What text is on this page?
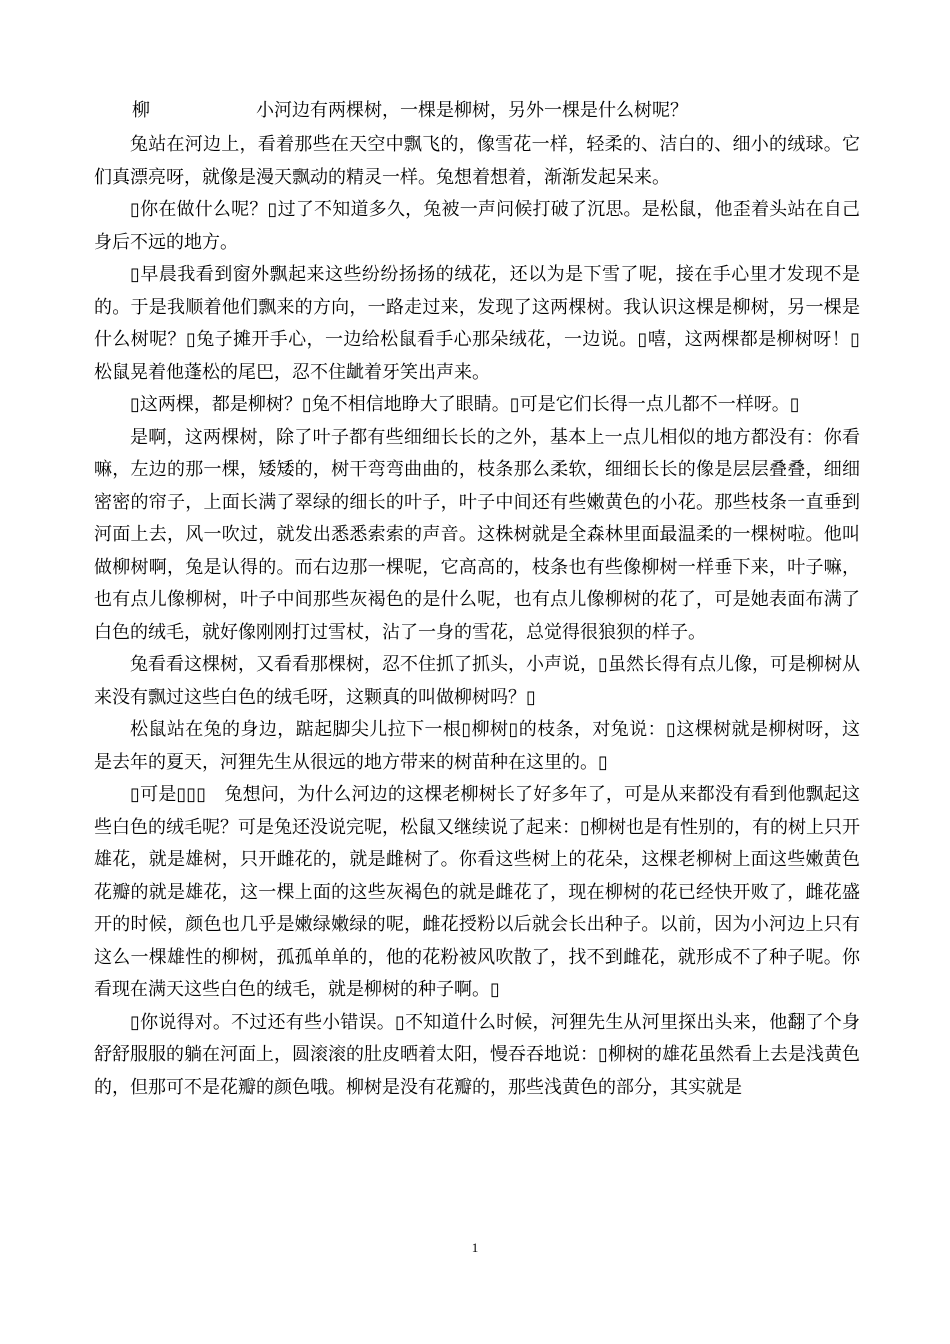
柳	小河边有两棵树，一棵是柳树，另外一棵是什么树呢？

兔站在河边上，看着那些在天空中飘飞的，像雪花一样，轻柔的、洁白的、细小的绒球。它们真漂亮呀，就像是漫天飘动的精灵一样。兔想着想着，渐渐发起呆来。

▯你在做什么呢？▯过了不知道多久，兔被一声问候打破了沉思。是松鼠，他歪着头站在自己身后不远的地方。

▯早晨我看到窗外飘起来这些纷纷扬扬的绒花，还以为是下雪了呢，接在手心里才发现不是的。于是我顺着他们飘来的方向，一路走过来，发现了这两棵树。我认识这棵是柳树，另一棵是什么树呢？▯兔子摊开手心，一边给松鼠看手心那朵绒花，一边说。▯嘻，这两棵都是柳树呀！▯松鼠晃着他蓬松的尾巴，忍不住龇着牙笑出声来。

▯这两棵，都是柳树？▯兔不相信地睁大了眼睛。▯可是它们长得一点儿都不一样呀。▯

是啊，这两棵树，除了叶子都有些细细长长的之外，基本上一点儿相似的地方都没有：你看嘛，左边的那一棵，矮矮的，树干弯弯曲曲的，枝条那么柔软，细细长长的像是层层叠叠，细细密密的帘子，上面长满了翠绿的细长的叶子，叶子中间还有些嫩黄色的小花。那些枝条一直垂到河面上去，风一吹过，就发出悉悉索索的声音。这株树就是全森林里面最温柔的一棵树啦。他叫做柳树啊，兔是认得的。而右边那一棵呢，它高高的，枝条也有些像柳树一样垂下来，叶子嘛，也有点儿像柳树，叶子中间那些灰褐色的是什么呢，也有点儿像柳树的花了，可是她表面布满了白色的绒毛，就好像刚刚打过雪杖，沾了一身的雪花，总觉得很狼狈的样子。

兔看看这棵树，又看看那棵树，忍不住抓了抓头，小声说，▯虽然长得有点儿像，可是柳树从来没有飘过这些白色的绒毛呀，这颗真的叫做柳树吗？▯

松鼠站在兔的身边，踮起脚尖儿拉下一根▯柳树▯的枝条，对兔说：▯这棵树就是柳树呀，这是去年的夏天，河狸先生从很远的地方带来的树苗种在这里的。▯

▯可是▯▯▯　兔想问，为什么河边的这棵老柳树长了好多年了，可是从来都没有看到他飘起这些白色的绒毛呢？可是兔还没说完呢，松鼠又继续说了起来：▯柳树也是有性别的，有的树上只开雄花，就是雄树，只开雌花的，就是雌树了。你看这些树上的花朵，这棵老柳树上面这些嫩黄色花瓣的就是雄花，这一棵上面的这些灰褐色的就是雌花了，现在柳树的花已经快开败了，雌花盛开的时候，颜色也几乎是嫩绿嫩绿的呢，雌花授粉以后就会长出种子。以前，因为小河边上只有这么一棵雄性的柳树，孤孤单单的，他的花粉被风吹散了，找不到雌花，就形成不了种子呢。你看现在满天这些白色的绒毛，就是柳树的种子啊。▯

▯你说得对。不过还有些小错误。▯不知道什么时候，河狸先生从河里探出头来，他翻了个身舒舒服服的躺在河面上，圆滚滚的肚皮晒着太阳，慢吞吞地说：▯柳树的雄花虽然看上去是浅黄色的，但那可不是花瓣的颜色哦。柳树是没有花瓣的，那些浅黄色的部分，其实就是

1
